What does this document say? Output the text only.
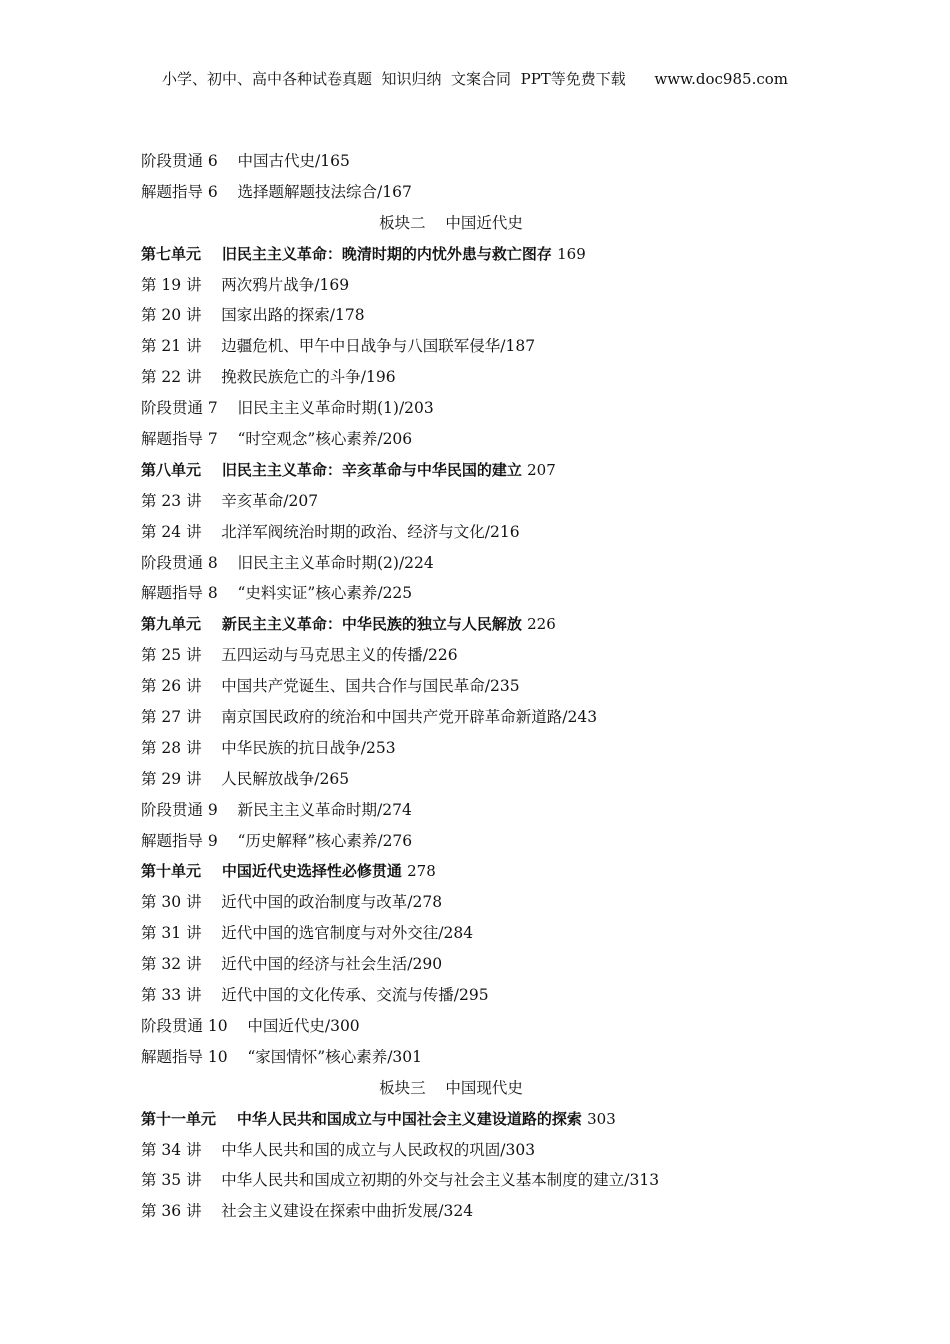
小学、初中、高中各种试卷真题  知识归纳  文案合同  PPT等免费下载      www.doc985.com
阶段贯通 6    中国古代史/165
解题指导 6    选择题解题技法综合/167
板块二    中国近代史
第七单元    旧民主主义革命：晚清时期的内忧外患与救亡图存 169
第 19 讲    两次鸦片战争/169
第 20 讲    国家出路的探索/178
第 21 讲    边疆危机、甲午中日战争与八国联军侵华/187
第 22 讲    挽救民族危亡的斗争/196
阶段贯通 7    旧民主主义革命时期(1)/203
解题指导 7    “时空观念”核心素养/206
第八单元    旧民主主义革命：辛亥革命与中华民国的建立 207
第 23 讲    辛亥革命/207
第 24 讲    北洋军阀统治时期的政治、经济与文化/216
阶段贯通 8    旧民主主义革命时期(2)/224
解题指导 8    “史料实证”核心素养/225
第九单元    新民主主义革命：中华民族的独立与人民解放 226
第 25 讲    五四运动与马克思主义的传播/226
第 26 讲    中国共产党诞生、国共合作与国民革命/235
第 27 讲    南京国民政府的统治和中国共产党开辟革命新道路/243
第 28 讲    中华民族的抗日战争/253
第 29 讲    人民解放战争/265
阶段贯通 9    新民主主义革命时期/274
解题指导 9    “历史解释”核心素养/276
第十单元    中国近代史选择性必修贯通 278
第 30 讲    近代中国的政治制度与改革/278
第 31 讲    近代中国的选官制度与对外交往/284
第 32 讲    近代中国的经济与社会生活/290
第 33 讲    近代中国的文化传承、交流与传播/295
阶段贯通 10    中国近代史/300
解题指导 10    “家国情怀”核心素养/301
板块三    中国现代史
第十一单元    中华人民共和国成立与中国社会主义建设道路的探索 303
第 34 讲    中华人民共和国的成立与人民政权的巩固/303
第 35 讲    中华人民共和国成立初期的外交与社会主义基本制度的建立/313
第 36 讲    社会主义建设在探索中曲折发展/324
